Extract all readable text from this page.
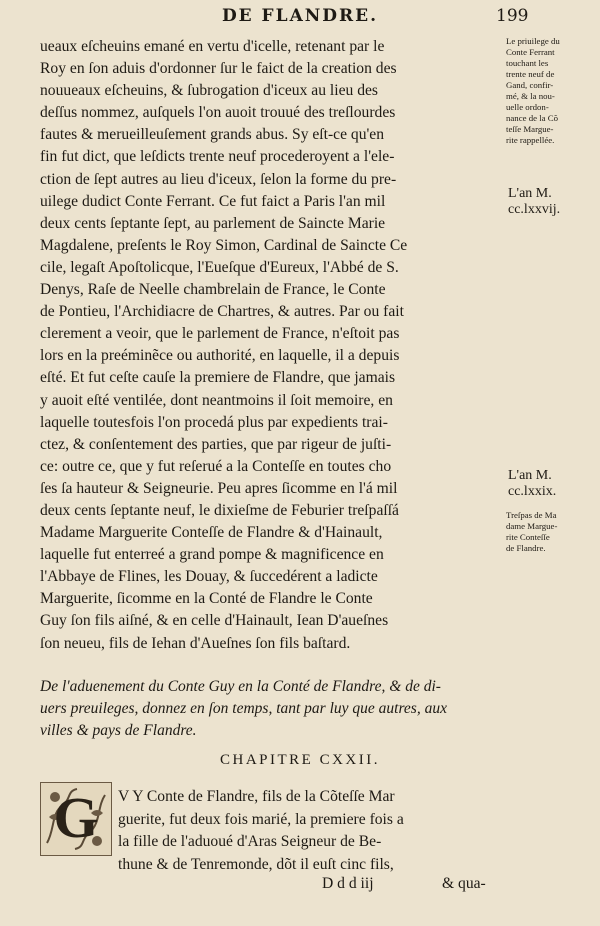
DE FLANDRE.	199
ueaux eſcheuins emané en vertu d'icelle, retenant par le
Roy en ſon aduis d'ordonner ſur le faict de la creation des
nouueaux eſcheuins, & ſubrogation d'iceux au lieu des
deſſus nommez, auſquels l'on auoit trouué des treſlourdes
fautes & merueilleuſement grands abus. Sy eſt-ce qu'en
fin fut dict, que leſdicts trente neuf procederoyent a l'ele-
ction de ſept autres au lieu d'iceux, ſelon la forme du pre-
uilege dudict Conte Ferrant. Ce fut faict a Paris l'an mil
deux cents ſeptante ſept, au parlement de Saincte Marie
Magdalene, preſents le Roy Simon, Cardinal de Saincte Ce
cile, legaſt Apoſtolicque, l'Eueſque d'Eureux, l'Abbé de S.
Denys, Raſe de Neelle chambrelain de France, le Conte
de Pontieu, l'Archidiacre de Chartres, & autres. Par ou fait
clerement a veoir, que le parlement de France, n'eſtoit pas
lors en la preéminẽce ou authorité, en laquelle, il a depuis
eſté. Et fut ceſte cauſe la premiere de Flandre, que jamais
y auoit eſté ventilée, dont neantmoins il ſoit memoire, en
laquelle toutesfois l'on procedá plus par expedients trai-
ctez, & conſentement des parties, que par rigeur de juſti-
ce: outre ce, que y fut reſerué a la Conteſſe en toutes cho
ſes ſa hauteur & Seigneurie. Peu apres ſicomme en l'á mil
deux cents ſeptante neuf, le dixieſme de Feburier treſpaſſá
Madame Marguerite Conteſſe de Flandre & d'Hainault,
laquelle fut enterreé a grand pompe & magnificence en
l'Abbaye de Flines, les Douay, & ſuccedérent a ladicte
Marguerite, ſicomme en la Conté de Flandre le Conte
Guy ſon fils aiſné, & en celle d'Hainault, Iean D'aueſnes
ſon neueu, fils de Iehan d'Aueſnes ſon fils baſtard.
Le priuilege du
Conte Ferrant
touchant les
trente neuf de
Gand, confir-
mé, & la nou-
uelle ordon-
nance de la Cõ
teſſe Margue-
rite rappellée.
L'an M.
cc.lxxvij.
L'an M.
cc.lxxix.
Treſpas de Ma
dame Margue-
rite Conteſſe
de Flandre.
De l'aduenement du Conte Guy en la Conté de Flandre, & de di-
uers preuileges, donnez en ſon temps, tant par luy que autres, aux
villes & pays de Flandre.
CHAPITRE CXXII.
G	V Y Conte de Flandre, fils de la Cõteſſe Mar
guerite, fut deux fois marié, la premiere fois a
la fille de l'aduoué d'Aras Seigneur de Be-
thune & de Tenremonde, dõt il euſt cinc fils,
D d d iij	& qua-
